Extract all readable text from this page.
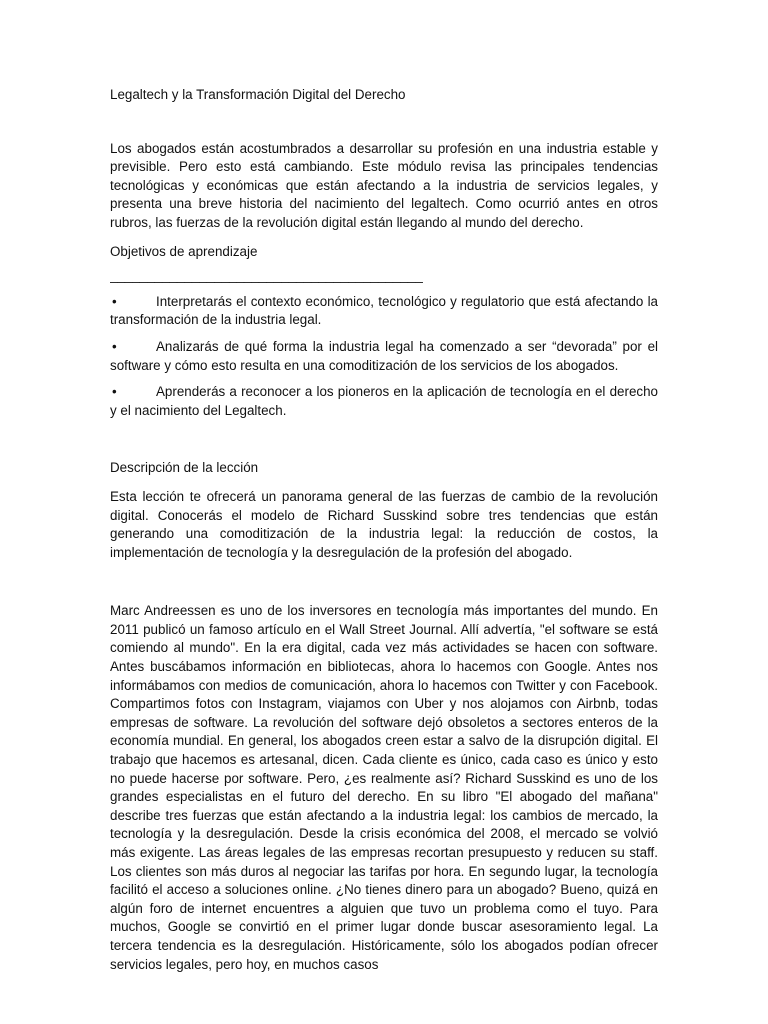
Legaltech y la Transformación Digital del Derecho

Los abogados están acostumbrados a desarrollar su profesión en una industria estable y previsible. Pero esto está cambiando. Este módulo revisa las principales tendencias tecnológicas y económicas que están afectando a la industria de servicios legales, y presenta una breve historia del nacimiento del legaltech. Como ocurrió antes en otros rubros, las fuerzas de la revolución digital están llegando al mundo del derecho.

Objetivos de aprendizaje

__________________________________________

•	Interpretarás el contexto económico, tecnológico y regulatorio que está afectando la transformación de la industria legal.
•	Analizarás de qué forma la industria legal ha comenzado a ser “devorada” por el software y cómo esto resulta en una comoditización de los servicios de los abogados.
•	Aprenderás a reconocer a los pioneros en la aplicación de tecnología en el derecho y el nacimiento del Legaltech.

Descripción de la lección

Esta lección te ofrecerá un panorama general de las fuerzas de cambio de la revolución digital. Conocerás el modelo de Richard Susskind sobre tres tendencias que están generando una comoditización de la industria legal: la reducción de costos, la implementación de tecnología y la desregulación de la profesión del abogado.

Marc Andreessen es uno de los inversores en tecnología más importantes del mundo. En 2011 publicó un famoso artículo en el Wall Street Journal. Allí advertía, "el software se está comiendo al mundo". En la era digital, cada vez más actividades se hacen con software. Antes buscábamos información en bibliotecas, ahora lo hacemos con Google. Antes nos informábamos con medios de comunicación, ahora lo hacemos con Twitter y con Facebook. Compartimos fotos con Instagram, viajamos con Uber y nos alojamos con Airbnb, todas empresas de software. La revolución del software dejó obsoletos a sectores enteros de la economía mundial. En general, los abogados creen estar a salvo de la disrupción digital. El trabajo que hacemos es artesanal, dicen. Cada cliente es único, cada caso es único y esto no puede hacerse por software. Pero, ¿es realmente así? Richard Susskind es uno de los grandes especialistas en el futuro del derecho. En su libro "El abogado del mañana" describe tres fuerzas que están afectando a la industria legal: los cambios de mercado, la tecnología y la desregulación. Desde la crisis económica del 2008, el mercado se volvió más exigente. Las áreas legales de las empresas recortan presupuesto y reducen su staff. Los clientes son más duros al negociar las tarifas por hora. En segundo lugar, la tecnología facilitó el acceso a soluciones online. ¿No tienes dinero para un abogado? Bueno, quizá en algún foro de internet encuentres a alguien que tuvo un problema como el tuyo. Para muchos, Google se convirtió en el primer lugar donde buscar asesoramiento legal. La tercera tendencia es la desregulación. Históricamente, sólo los abogados podían ofrecer servicios legales, pero hoy, en muchos casos
